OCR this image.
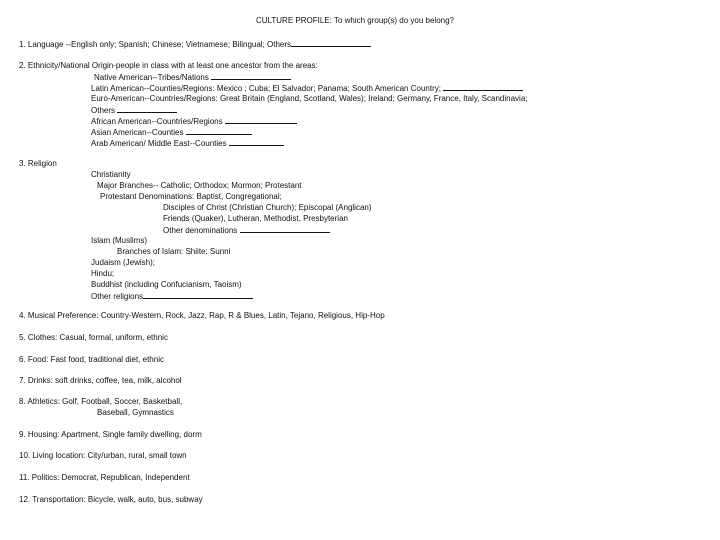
CULTURE PROFILE: To which group(s) do you belong?
1. Language --English only; Spanish; Chinese; Vietnamese; Bilingual; Others
2. Ethnicity/National Origin-people in class with at least one ancestor from the areas:
Native American--Tribes/Nations
Latin American--Counties/Regions: Mexico ; Cuba; El Salvador; Panama; South American Country;
Euro-American--Countries/Regions: Great Britain (England, Scotland, Wales); Ireland; Germany, France, Italy, Scandinavia;
Others
African American--Countries/Regions
Asian American--Counties
Arab American/ Middle East--Counties
3. Religion
Christianity
Major Branches-- Catholic; Orthodox; Mormon; Protestant
Protestant Denominations: Baptist, Congregational;
Disciples of Christ (Christian Church); Episcopal (Anglican)
Friends (Quaker), Lutheran, Methodist, Presbyterian
Other denominations
Islam (Muslims)
Branches of Islam: Shiite; Sunni
Judaism (Jewish);
Hindu;
Buddhist (including Confucianism, Taoism)
Other religions
4. Musical Preference: Country-Western, Rock, Jazz, Rap, R & Blues, Latin, Tejano, Religious, Hip-Hop
5. Clothes: Casual, formal, uniform, ethnic
6. Food: Fast food, traditional diet, ethnic
7. Drinks: soft drinks, coffee, tea, milk, alcohol
8. Athletics: Golf, Football, Soccer, Basketball,
Baseball, Gymnastics
9. Housing: Apartment, Single family dwelling, dorm
10. Living location: City/urban, rural, small town
11. Politics: Democrat, Republican, Independent
12. Transportation: Bicycle, walk, auto, bus, subway
